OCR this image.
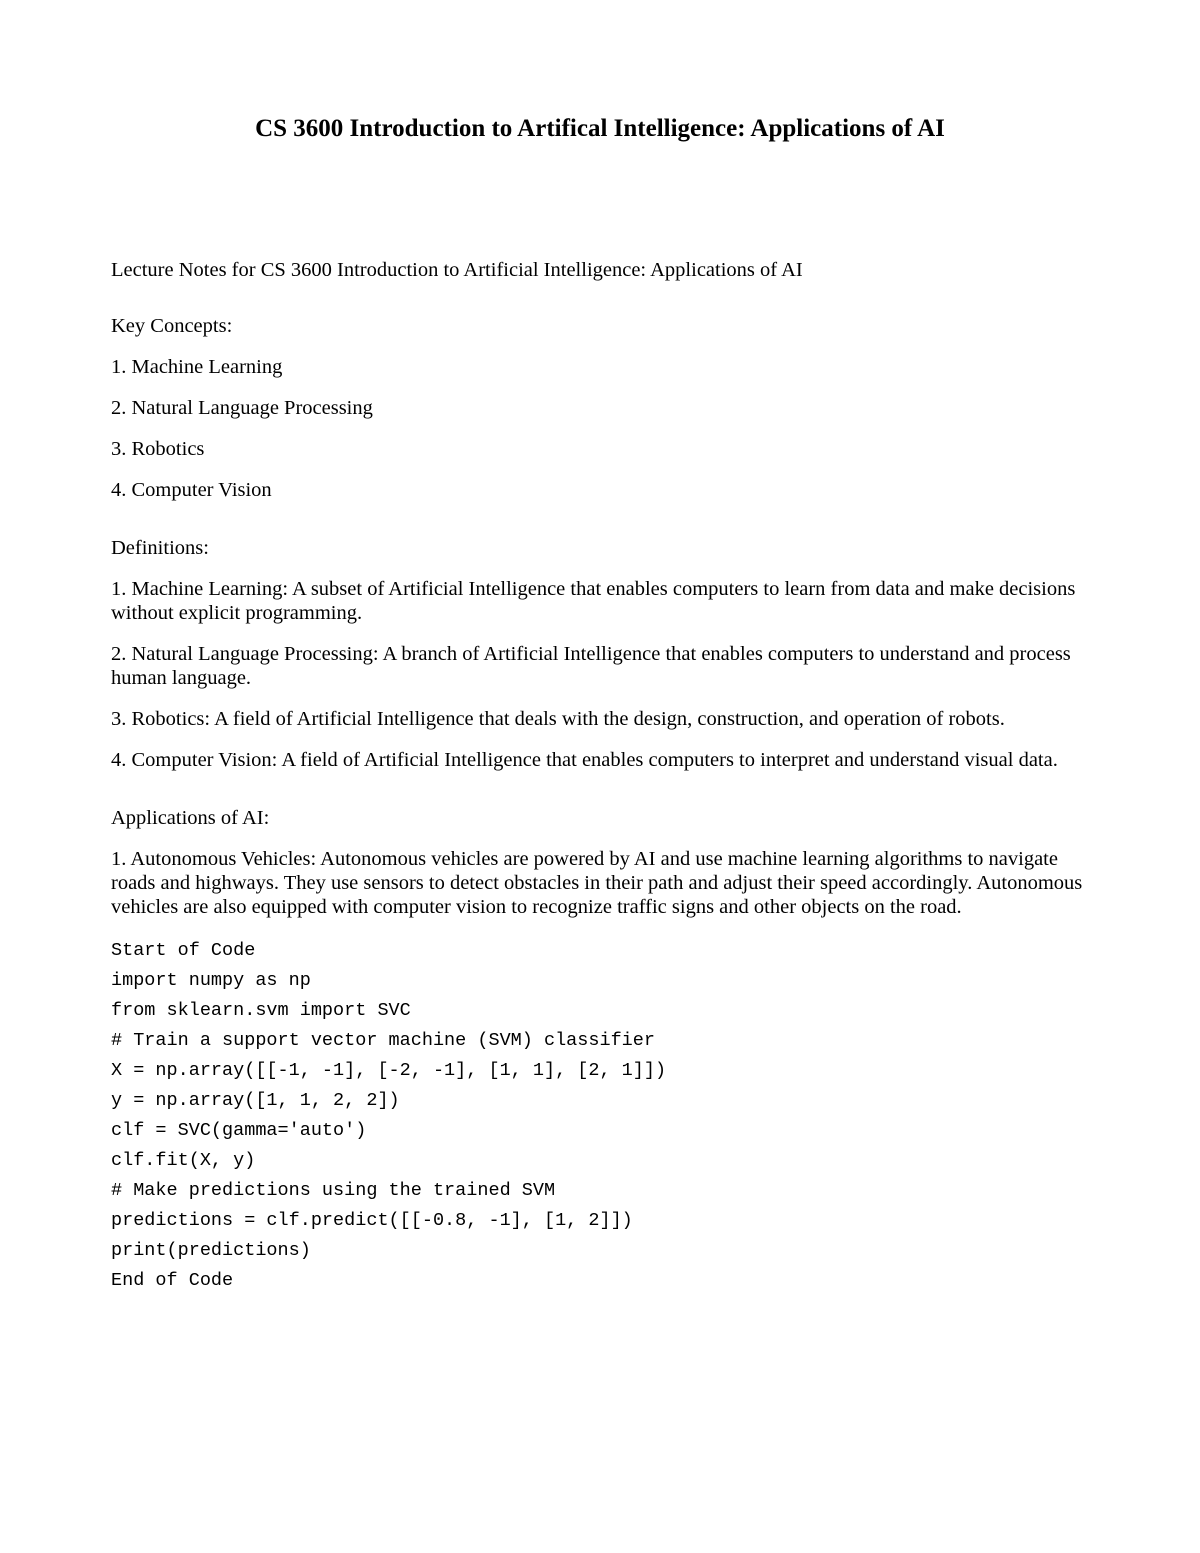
CS 3600 Introduction to Artifical Intelligence: Applications of AI

Lecture Notes for CS 3600 Introduction to Artificial Intelligence: Applications of AI

Key Concepts:

1. Machine Learning

2. Natural Language Processing

3. Robotics

4. Computer Vision

Definitions:

1. Machine Learning: A subset of Artificial Intelligence that enables computers to learn from data and make decisions without explicit programming.

2. Natural Language Processing: A branch of Artificial Intelligence that enables computers to understand and process human language.

3. Robotics: A field of Artificial Intelligence that deals with the design, construction, and operation of robots.

4. Computer Vision: A field of Artificial Intelligence that enables computers to interpret and understand visual data.

Applications of AI:

1. Autonomous Vehicles: Autonomous vehicles are powered by AI and use machine learning algorithms to navigate roads and highways. They use sensors to detect obstacles in their path and adjust their speed accordingly. Autonomous vehicles are also equipped with computer vision to recognize traffic signs and other objects on the road.

Start of Code

import numpy as np

from sklearn.svm import SVC

# Train a support vector machine (SVM) classifier

X = np.array([[-1, -1], [-2, -1], [1, 1], [2, 1]])

y = np.array([1, 1, 2, 2])

clf = SVC(gamma='auto')

clf.fit(X, y)

# Make predictions using the trained SVM

predictions = clf.predict([[-0.8, -1], [1, 2]])

print(predictions)

End of Code
